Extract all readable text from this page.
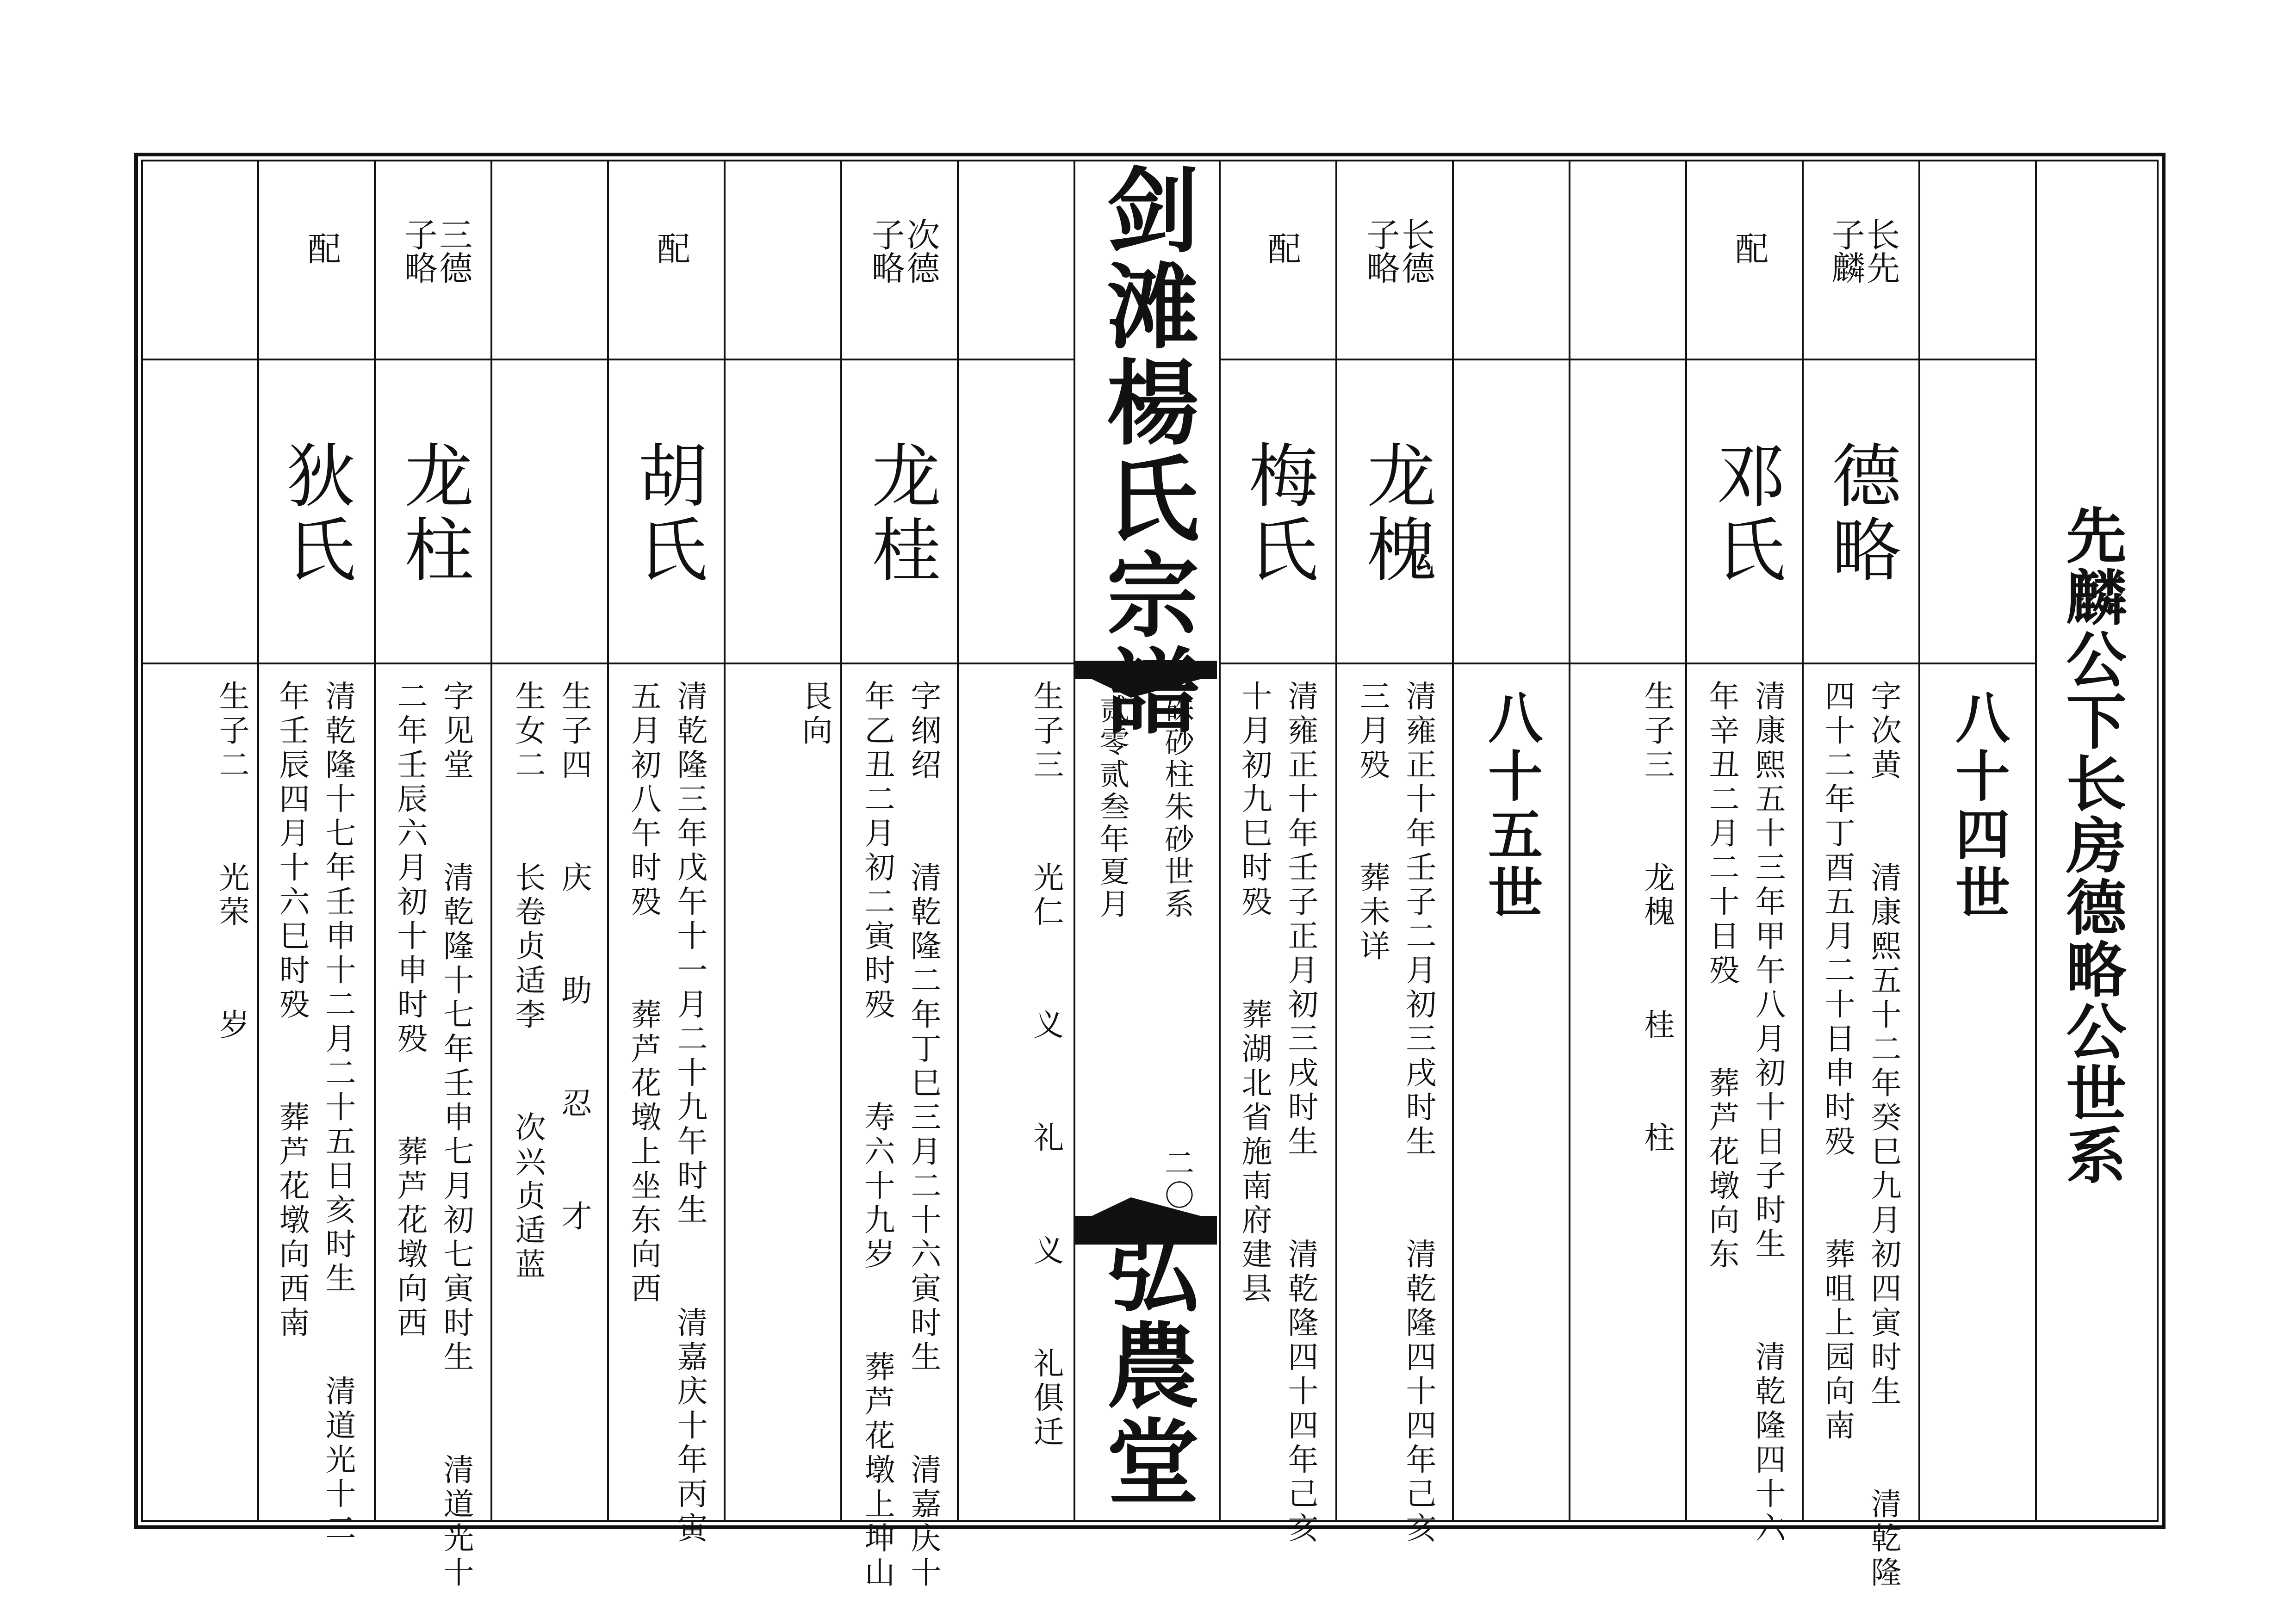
先麟公下长房德略公世系
剑滩楊氏宗譜
弘農堂
硃砂柱朱砂世系
贰零贰叁年夏月
二〇
八十四世
八十五世
长先
子麟
德略
字次黄  清康熙五十二年癸巳九月初四寅时生  清乾隆
四十二年丁酉五月二十日申时殁  葬咀上园向南
配
邓氏
清康熙五十三年甲午八月初十日子时生  清乾隆四十六
年辛丑二月二十日殁  葬芦花墩向东
生子三  龙槐  桂  柱
长德
子略
龙槐
清雍正十年壬子二月初三戌时生  清乾隆四十四年己亥
三月殁  葬未详
配
梅氏
清雍正十年壬子正月初三戌时生  清乾隆四十四年己亥
十月初九巳时殁  葬湖北省施南府建县
生子三  光仁  义  礼  义  礼俱迁
次德
子略
龙桂
字纲绍  清乾隆二年丁巳三月二十六寅时生  清嘉庆十
年乙丑二月初二寅时殁  寿六十九岁  葬芦花墩上坤山
艮向
配
胡氏
清乾隆三年戊午十一月二十九午时生  清嘉庆十年丙寅
五月初八午时殁  葬芦花墩上坐东向西
生子四  庆  助  忍  才
生女二  长卷贞适李  次兴贞适蓝
三德
子略
龙柱
字见堂  清乾隆十七年壬申七月初七寅时生  清道光十
二年壬辰六月初十申时殁  葬芦花墩向西
配
狄氏
清乾隆十七年壬申十二月二十五日亥时生  清道光十二
年壬辰四月十六巳时殁  葬芦花墩向西南
生子二  光荣  岁
